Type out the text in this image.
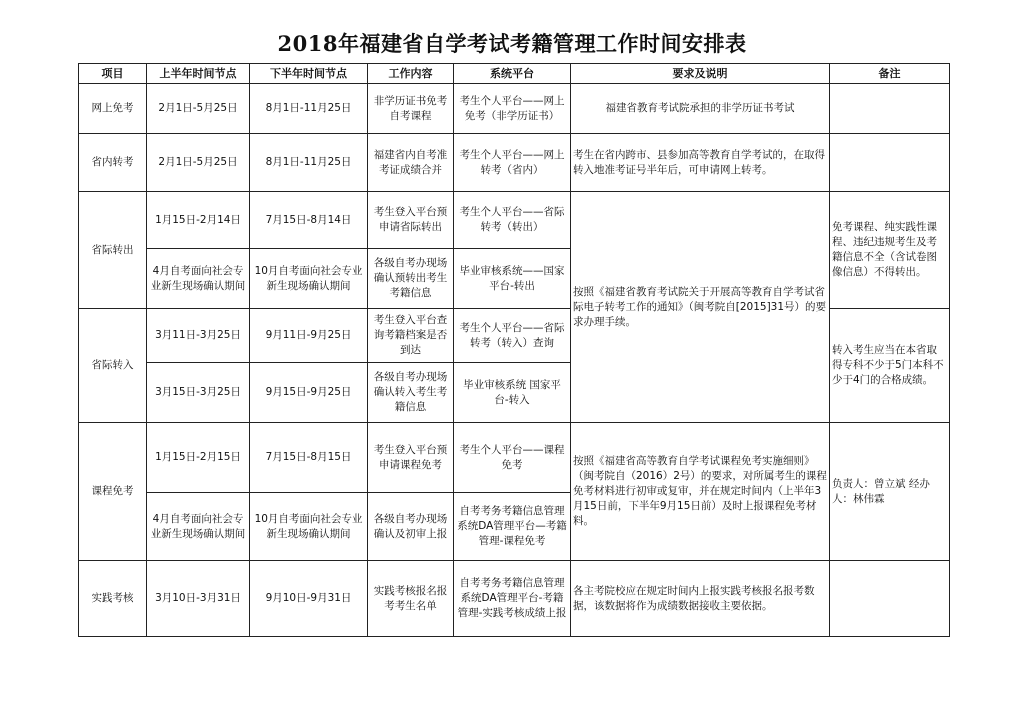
2018年福建省自学考试考籍管理工作时间安排表
项目	上半年时间节点	下半年时间节点	工作内容	系统平台	要求及说明	备注
网上免考	2月1日-5月25日	8月1日-11月25日	非学历证书免考自考课程	考生个人平台——网上免考（非学历证书）	福建省教育考试院承担的非学历证书考试	
省内转考	2月1日-5月25日	8月1日-11月25日	福建省内自考准考证成绩合并	考生个人平台——网上转考（省内）	考生在省内跨市、县参加高等教育自学考试的，在取得转入地准考证号半年后，可申请网上转考。	
省际转出	1月15日-2月14日	7月15日-8月14日	考生登入平台预申请省际转出	考生个人平台——省际转考（转出）	按照《福建省教育考试院关于开展高等教育自学考试省际电子转考工作的通知》（闽考院自[2015]31号）的要求办理手续。	免考课程、纯实践性课程、违纪违规考生及考籍信息不全（含试卷图像信息）不得转出。
	4月自考面向社会专业新生现场确认期间	10月自考面向社会专业新生现场确认期间	各级自考办现场确认预转出考生考籍信息	毕业审核系统——国家平台-转出		
省际转入	3月11日-3月25日	9月11日-9月25日	考生登入平台查询考籍档案是否到达	考生个人平台——省际转考（转入）查询		转入考生应当在本省取得专科不少于5门本科不少于4门的合格成绩。
	3月15日-3月25日	9月15日-9月25日	各级自考办现场确认转入考生考籍信息	毕业审核系统 国家平台-转入		
课程免考	1月15日-2月15日	7月15日-8月15日	考生登入平台预申请课程免考	考生个人平台——课程免考	按照《福建省高等教育自学考试课程免考实施细则》（闽考院自（2016）2号）的要求，对所属考生的课程免考材料进行初审或复审，并在规定时间内（上半年3月15日前，下半年9月15日前）及时上报课程免考材料。	负责人：曾立斌 经办人：林伟霖
	4月自考面向社会专业新生现场确认期间	10月自考面向社会专业新生现场确认期间	各级自考办现场确认及初审上报	自考考务考籍信息管理系统DA管理平台—考籍管理-课程免考		
实践考核	3月10日-3月31日	9月10日-9月31日	实践考核报名报考考生名单	自考考务考籍信息管理系统DA管理平台-考籍管理-实践考核成绩上报	各主考院校应在规定时间内上报实践考核报名报考数据，该数据将作为成绩数据接收主要依据。	
